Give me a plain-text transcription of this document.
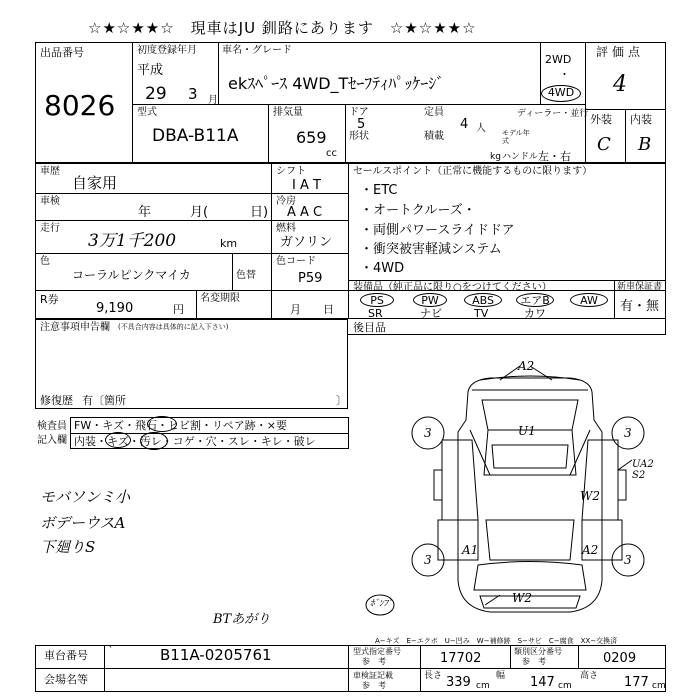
☆★☆★★☆　現車はJU 釧路にあります　☆★☆★★☆
出品番号
8026
初度登録年月
平成
29 3 月
車名・グレード
ekｽﾍﾟｰｽ 4WD_Tｾｰﾌﾃｨﾊﾟｯｹｰｼﾞ
2WD
・
4WD
評価点
4
外装 内装
C B
型式
DBA-B11A
排気量
659
cc
ドア
5
定員
4 人
ディーラー・並行
形状	積載
kg
モデル年式
ハンドル 左・右
車歴
自家用
シフト
I A T
車検
年	月(	日)
冷房
A A C
走行
3万1千200	km
燃料
ガソリン
色
コーラルピンクマイカ	色替
色コード
P59
R券
9,190	円
名変期限
月　　日
セールスポイント（正常に機能するものに限ります）
・ETC
・オートクルーズ・
・両側パワースライドドア
・衝突被害軽減システム
・4WD
装備品（純正品に限り○をつけてください）
PS	PW	ABS	エアB	AW
SR	ナビ	TV	カワ
新車保証書
有・無
注意事項申告欄 (不具合内容は具体的に記入下さい)
修復歴 有〔箇所	〕
後目品
検査員
記入欄
FW・キズ・飛石・ヒビ割・リペア跡・×要
内装・キズ・汚レ・コゲ・穴・スレ・キレ・破レ
モバソンミ小
ボデーウスA
下廻りS
BTあがり
A2
U1
UA2
S2
W2
A1	A2
W2
3	3
3	3
ﾎﾞﾝﾌﾟ
A−キズ　E−エクボ　U−凹み　W−補修跡　S−サビ　C−腐食　XX−交換済
車台番号 `	B11A-0205761
会場名等
型式指定番号
参　考	17702	類別区分番号
参　考	0209
車検証記載
参　考
長さ 339 cm
幅 147 cm
高さ 177 cm
